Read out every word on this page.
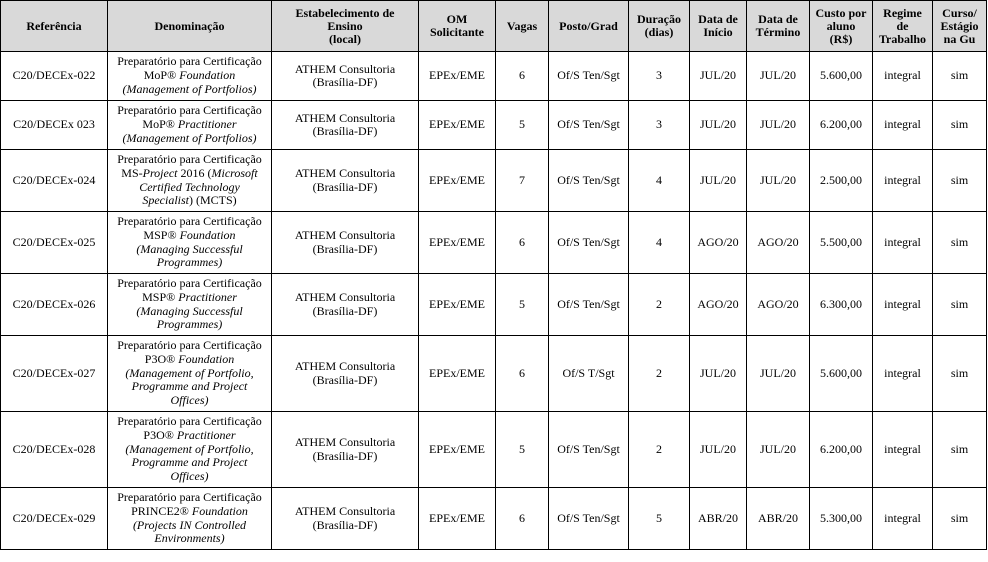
Referência	Denominação	Estabelecimento de
Ensino
(local)	OM
Solicitante	Vagas	Posto/Grad	Duração
(dias)	Data de
Início	Data de
Término	Custo por
aluno
(R$)	Regime
de
Trabalho	Curso/
Estágio
na Gu

C20/DECEx-022	Preparatório para Certificação
MoP® Foundation
(Management of Portfolios)	ATHEM Consultoria
(Brasília-DF)	EPEx/EME	6	Of/S Ten/Sgt	3	JUL/20	JUL/20	5.600,00	integral	sim
C20/DECEx 023	Preparatório para Certificação
MoP® Practitioner
(Management of Portfolios)	ATHEM Consultoria
(Brasília-DF)	EPEx/EME	5	Of/S Ten/Sgt	3	JUL/20	JUL/20	6.200,00	integral	sim
C20/DECEx-024	Preparatório para Certificação
MS-Project 2016 (Microsoft
Certified Technology
Specialist) (MCTS)	ATHEM Consultoria
(Brasília-DF)	EPEx/EME	7	Of/S Ten/Sgt	4	JUL/20	JUL/20	2.500,00	integral	sim
C20/DECEx-025	Preparatório para Certificação
MSP® Foundation
(Managing Successful
Programmes)	ATHEM Consultoria
(Brasília-DF)	EPEx/EME	6	Of/S Ten/Sgt	4	AGO/20	AGO/20	5.500,00	integral	sim
C20/DECEx-026	Preparatório para Certificação
MSP® Practitioner
(Managing Successful
Programmes)	ATHEM Consultoria
(Brasília-DF)	EPEx/EME	5	Of/S Ten/Sgt	2	AGO/20	AGO/20	6.300,00	integral	sim
C20/DECEx-027	Preparatório para Certificação
P3O® Foundation
(Management of Portfolio,
Programme and Project
Offices)	ATHEM Consultoria
(Brasília-DF)	EPEx/EME	6	Of/S T/Sgt	2	JUL/20	JUL/20	5.600,00	integral	sim
C20/DECEx-028	Preparatório para Certificação
P3O® Practitioner
(Management of Portfolio,
Programme and Project
Offices)	ATHEM Consultoria
(Brasília-DF)	EPEx/EME	5	Of/S Ten/Sgt	2	JUL/20	JUL/20	6.200,00	integral	sim
C20/DECEx-029	Preparatório para Certificação
PRINCE2® Foundation
(Projects IN Controlled
Environments)	ATHEM Consultoria
(Brasília-DF)	EPEx/EME	6	Of/S Ten/Sgt	5	ABR/20	ABR/20	5.300,00	integral	sim
